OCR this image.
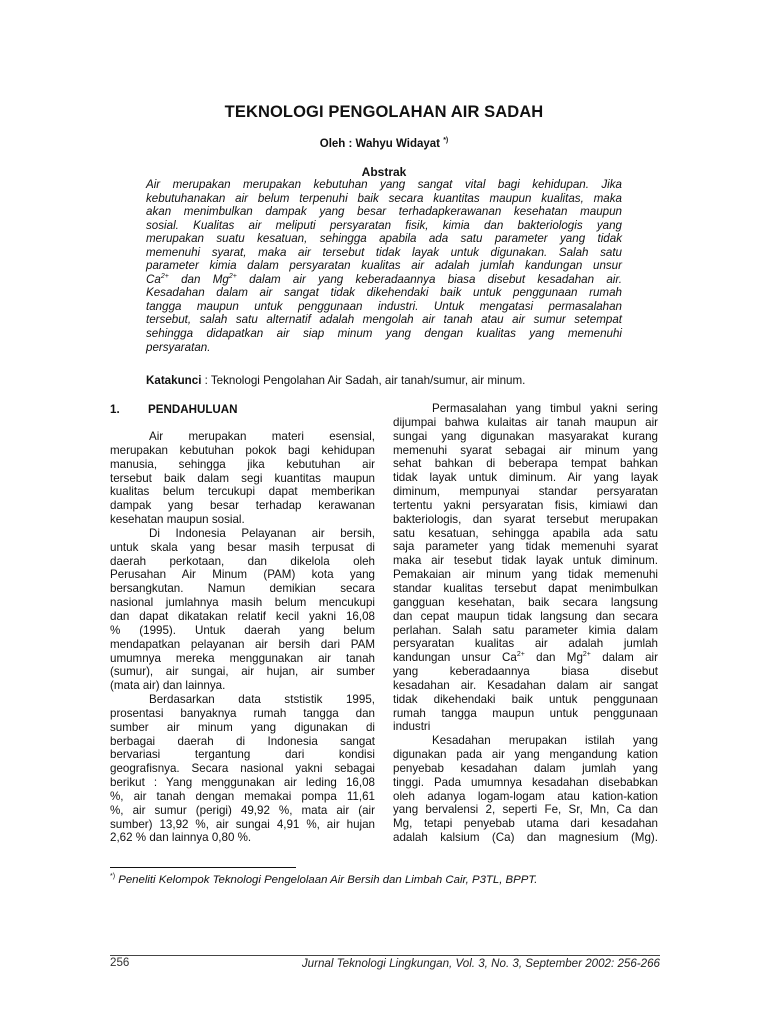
TEKNOLOGI PENGOLAHAN AIR SADAH
Oleh : Wahyu Widayat *)
Abstrak
Air merupakan merupakan kebutuhan yang sangat vital bagi kehidupan. Jika
kebutuhanakan air belum terpenuhi baik secara kuantitas maupun kualitas, maka
akan menimbulkan dampak yang besar terhadapkerawanan kesehatan maupun
sosial. Kualitas air meliputi persyaratan fisik, kimia dan bakteriologis yang
merupakan suatu kesatuan, sehingga apabila ada satu parameter yang tidak
memenuhi syarat, maka air tersebut tidak layak untuk digunakan. Salah satu
parameter kimia dalam persyaratan kualitas air adalah jumlah kandungan unsur
$Ca^{2+}$ dan $Mg^{2+}$ dalam air yang keberadaannya biasa disebut kesadahan air.
Kesadahan dalam air sangat tidak dikehendaki baik untuk penggunaan rumah
tangga maupun untuk penggunaan industri. Untuk mengatasi permasalahan
tersebut, salah satu alternatif adalah mengolah air tanah atau air sumur setempat
sehingga didapatkan air siap minum yang dengan kualitas yang memenuhi
persyaratan.
Katakunci : Teknologi Pengolahan Air Sadah, air tanah/sumur, air minum.
1. PENDAHULUAN
Air merupakan materi esensial,
merupakan kebutuhan pokok bagi kehidupan
manusia, sehingga jika kebutuhan air
tersebut baik dalam segi kuantitas maupun
kualitas belum tercukupi dapat memberikan
dampak yang besar terhadap kerawanan
kesehatan maupun sosial.
Di Indonesia Pelayanan air bersih,
untuk skala yang besar masih terpusat di
daerah perkotaan, dan dikelola oleh
Perusahan Air Minum (PAM) kota yang
bersangkutan. Namun demikian secara
nasional jumlahnya masih belum mencukupi
dan dapat dikatakan relatif kecil yakni 16,08
% (1995). Untuk daerah yang belum
mendapatkan pelayanan air bersih dari PAM
umumnya mereka menggunakan air tanah
(sumur), air sungai, air hujan, air sumber
(mata air) dan lainnya.
Berdasarkan data ststistik 1995,
prosentasi banyaknya rumah tangga dan
sumber air minum yang digunakan di
berbagai daerah di Indonesia sangat
bervariasi tergantung dari kondisi
geografisnya. Secara nasional yakni sebagai
berikut : Yang menggunakan air leding 16,08
%, air tanah dengan memakai pompa 11,61
%, air sumur (perigi) 49,92 %, mata air (air
sumber) 13,92 %, air sungai 4,91 %, air hujan
2,62 % dan lainnya 0,80 %.
Permasalahan yang timbul yakni sering
dijumpai bahwa kulaitas air tanah maupun air
sungai yang digunakan masyarakat kurang
memenuhi syarat sebagai air minum yang
sehat bahkan di beberapa tempat bahkan
tidak layak untuk diminum. Air yang layak
diminum, mempunyai standar persyaratan
tertentu yakni persyaratan fisis, kimiawi dan
bakteriologis, dan syarat tersebut merupakan
satu kesatuan, sehingga apabila ada satu
saja parameter yang tidak memenuhi syarat
maka air tesebut tidak layak untuk diminum.
Pemakaian air minum yang tidak memenuhi
standar kualitas tersebut dapat menimbulkan
gangguan kesehatan, baik secara langsung
dan cepat maupun tidak langsung dan secara
perlahan. Salah satu parameter kimia dalam
persyaratan kualitas air adalah jumlah
kandungan unsur $Ca^{2+}$ dan $Mg^{2+}$ dalam air
yang keberadaannya biasa disebut
kesadahan air. Kesadahan dalam air sangat
tidak dikehendaki baik untuk penggunaan
rumah tangga maupun untuk penggunaan
industri
Kesadahan merupakan istilah yang
digunakan pada air yang mengandung kation
penyebab kesadahan dalam jumlah yang
tinggi. Pada umumnya kesadahan disebabkan
oleh adanya logam-logam atau kation-kation
yang bervalensi 2, seperti Fe, Sr, Mn, Ca dan
Mg, tetapi penyebab utama dari kesadahan
adalah kalsium (Ca) dan magnesium (Mg).
*) Peneliti Kelompok Teknologi Pengelolaan Air Bersih dan Limbah Cair, P3TL, BPPT.
256	Jurnal Teknologi Lingkungan, Vol. 3, No. 3, September 2002: 256-266
